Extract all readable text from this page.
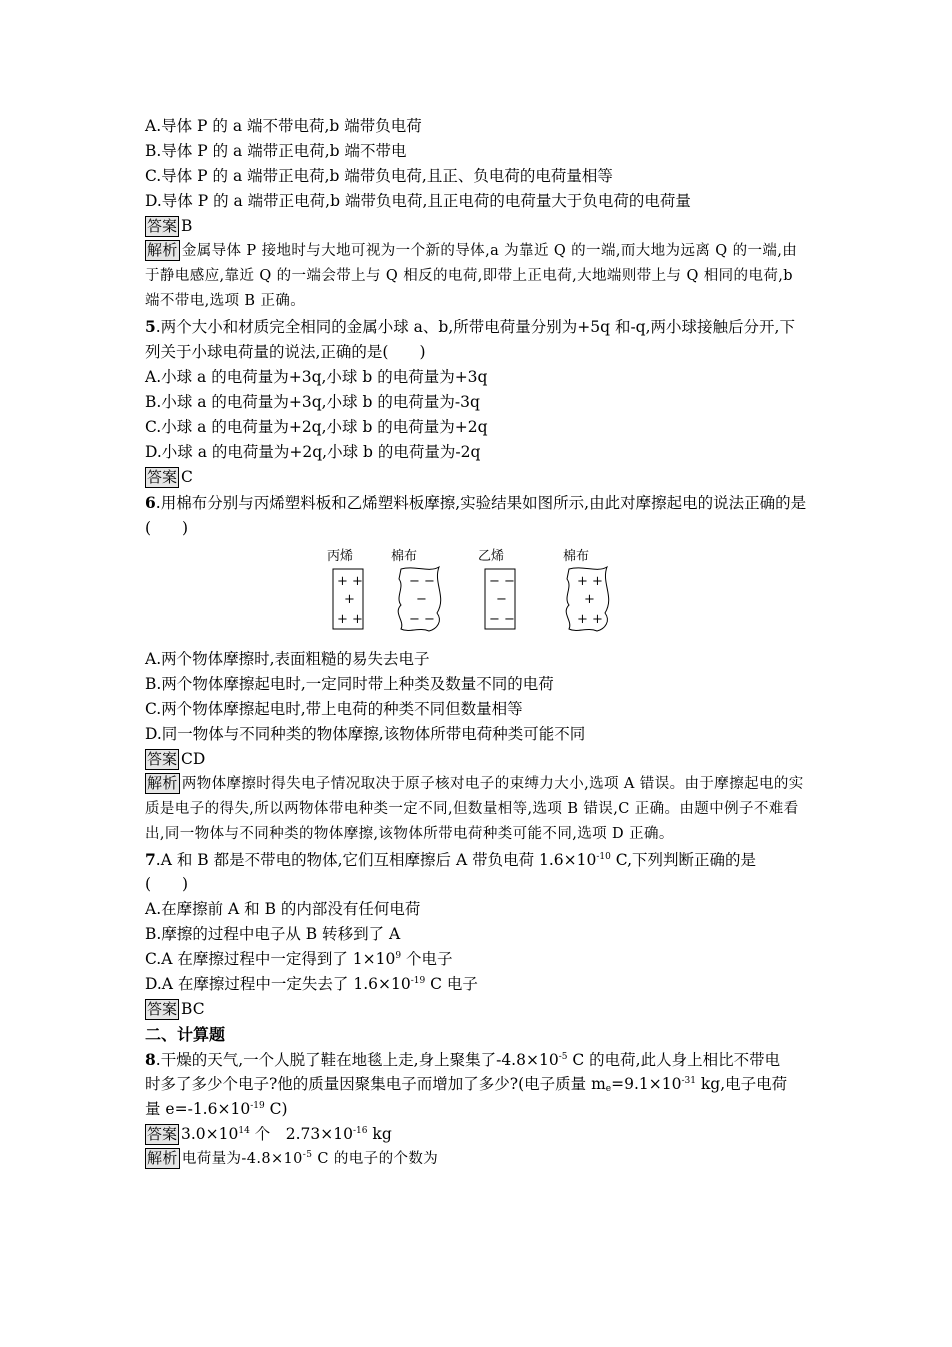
A.导体 P 的 a 端不带电荷,b 端带负电荷
B.导体 P 的 a 端带正电荷,b 端不带电
C.导体 P 的 a 端带正电荷,b 端带负电荷,且正、负电荷的电荷量相等
D.导体 P 的 a 端带正电荷,b 端带负电荷,且正电荷的电荷量大于负电荷的电荷量
答案 B
解析 金属导体 P 接地时与大地可视为一个新的导体,a 为靠近 Q 的一端,而大地为远离 Q 的一端,由于静电感应,靠近 Q 的一端会带上与 Q 相反的电荷,即带上正电荷,大地端则带上与 Q 相同的电荷,b 端不带电,选项 B 正确。
5.两个大小和材质完全相同的金属小球 a、b,所带电荷量分别为+5q 和-q,两小球接触后分开,下列关于小球电荷量的说法,正确的是(　　)
A.小球 a 的电荷量为+3q,小球 b 的电荷量为+3q
B.小球 a 的电荷量为+3q,小球 b 的电荷量为-3q
C.小球 a 的电荷量为+2q,小球 b 的电荷量为+2q
D.小球 a 的电荷量为+2q,小球 b 的电荷量为-2q
答案 C
6.用棉布分别与丙烯塑料板和乙烯塑料板摩擦,实验结果如图所示,由此对摩擦起电的说法正确的是(　　)
丙烯	棉布	乙烯	棉布
+ +
+
+ +
− −
−
− −
− −
−
− −
+ +
+
+ +
A.两个物体摩擦时,表面粗糙的易失去电子
B.两个物体摩擦起电时,一定同时带上种类及数量不同的电荷
C.两个物体摩擦起电时,带上电荷的种类不同但数量相等
D.同一物体与不同种类的物体摩擦,该物体所带电荷种类可能不同
答案 CD
解析 两物体摩擦时得失电子情况取决于原子核对电子的束缚力大小,选项 A 错误。由于摩擦起电的实质是电子的得失,所以两物体带电种类一定不同,但数量相等,选项 B 错误,C 正确。由题中例子不难看出,同一物体与不同种类的物体摩擦,该物体所带电荷种类可能不同,选项 D 正确。
7.A 和 B 都是不带电的物体,它们互相摩擦后 A 带负电荷 $1.6\times 10^{-10}$ C,下列判断正确的是
(　　)
A.在摩擦前 A 和 B 的内部没有任何电荷
B.摩擦的过程中电子从 B 转移到了 A
C.A 在摩擦过程中一定得到了 $1\times 10^9$ 个电子
D.A 在摩擦过程中一定失去了 $1.6\times 10^{-19}$ C 电子
答案 BC
二、计算题
8.干燥的天气,一个人脱了鞋在地毯上走,身上聚集了$-4.8\times 10^{-5}$ C 的电荷,此人身上相比不带电
时多了多少个电子?他的质量因聚集电子而增加了多少?(电子质量 $m_e=9.1\times 10^{-31}$ kg,电子电荷
量 $e=-1.6\times 10^{-19}$ C)
答案 $3.0\times 10^{14}$ 个　$2.73\times 10^{-16}$ kg
解析 电荷量为$-4.8\times 10^{-5}$ C 的电子的个数为
